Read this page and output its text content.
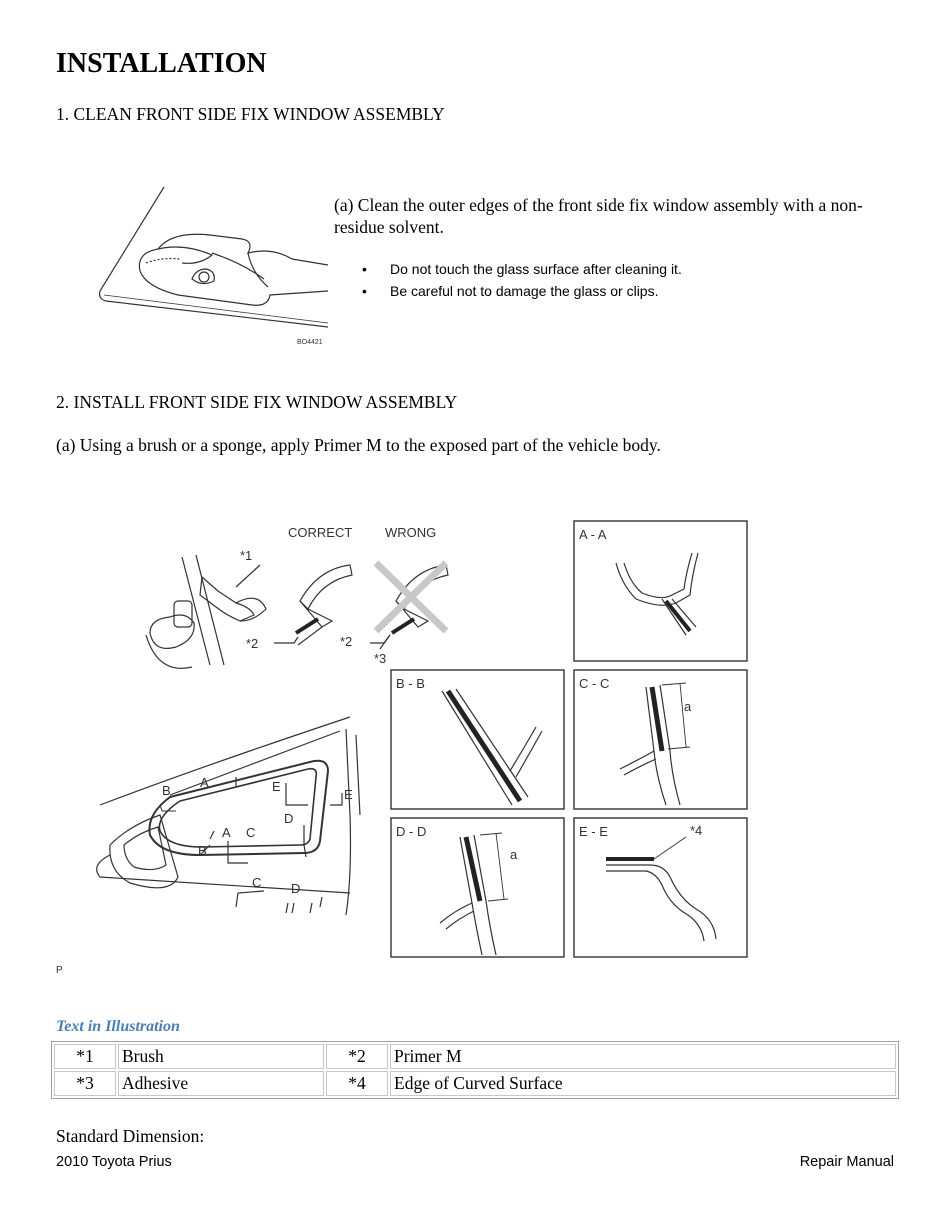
INSTALLATION
1. CLEAN FRONT SIDE FIX WINDOW ASSEMBLY
BO4421
(a) Clean the outer edges of the front side fix window assembly with a non-residue solvent.
• Do not touch the glass surface after cleaning it.
• Be careful not to damage the glass or clips.
2. INSTALL FRONT SIDE FIX WINDOW ASSEMBLY
(a) Using a brush or a sponge, apply Primer M to the exposed part of the vehicle body.
CORRECT	WRONG
*1
*2	*2
*3
*4
A - A
B - B	C - C
D - D	E - E
a
a
A
A
B
B
C
C
D
D
E
E
P
Text in Illustration
*1	Brush	*2	Primer M
*3	Adhesive	*4	Edge of Curved Surface
Standard Dimension:
2010 Toyota Prius	Repair Manual
